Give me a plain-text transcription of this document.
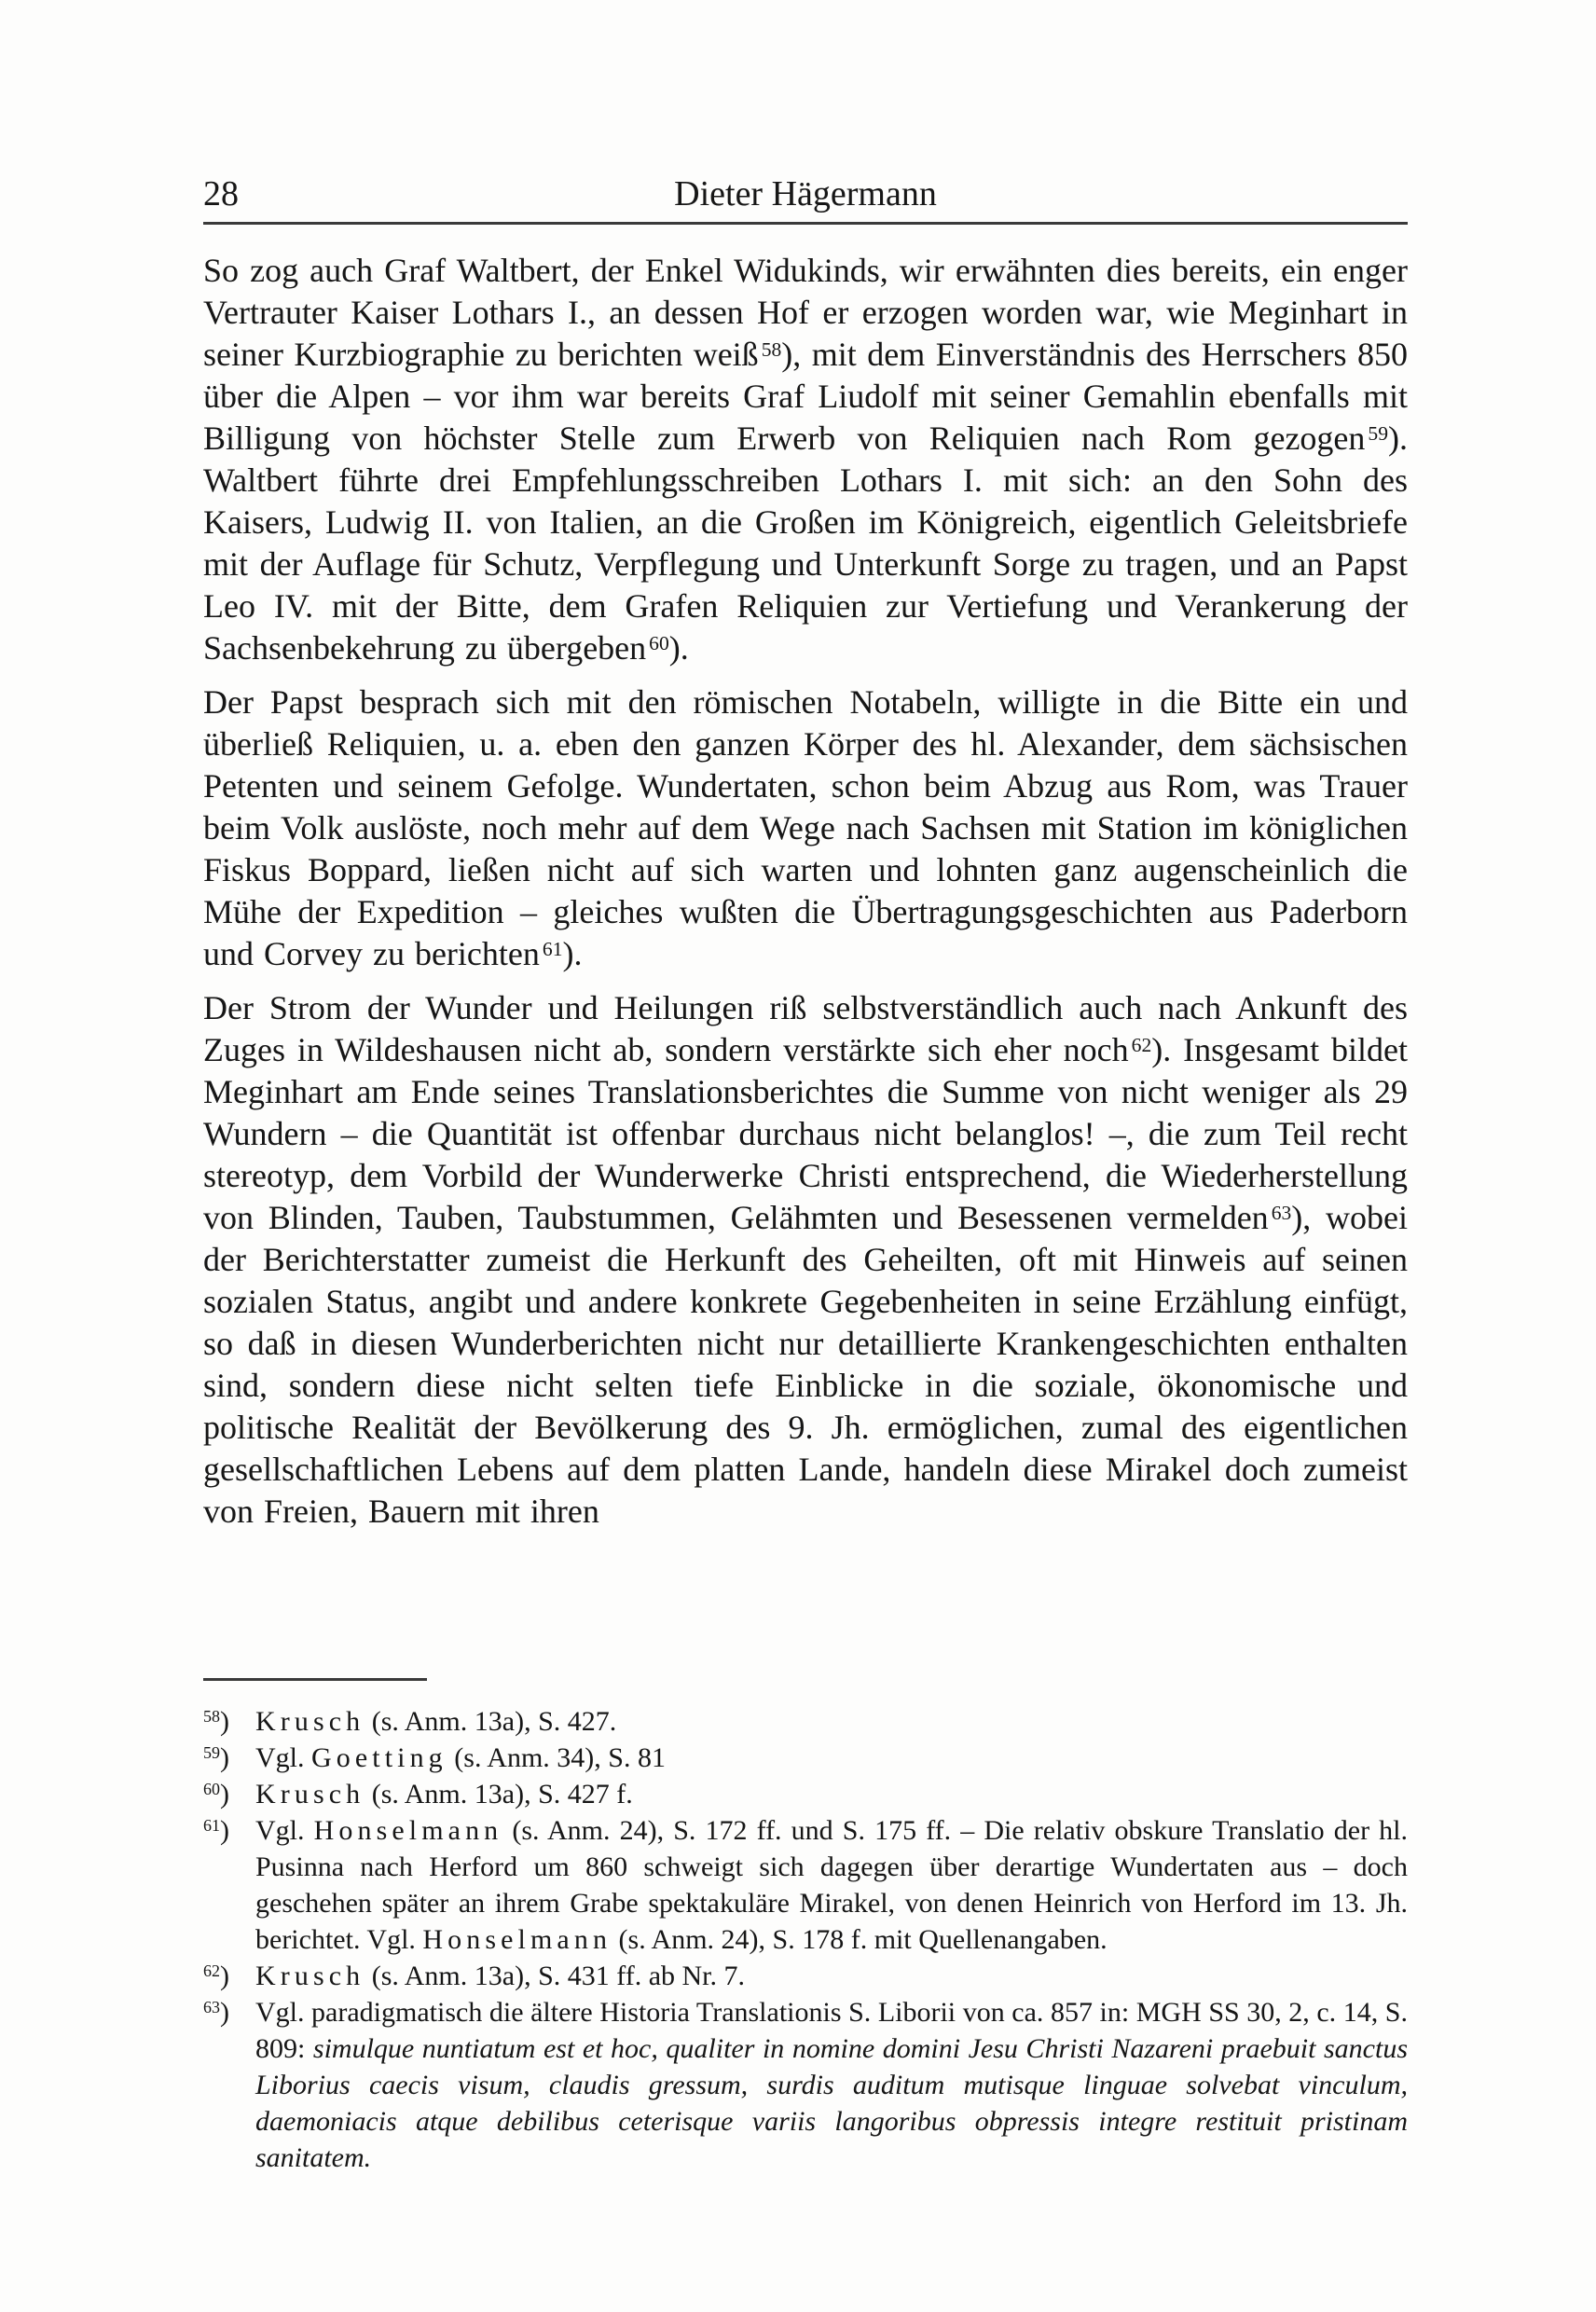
28	Dieter Hägermann

So zog auch Graf Waltbert, der Enkel Widukinds, wir erwähnten dies bereits, ein enger Vertrauter Kaiser Lothars I., an dessen Hof er erzogen worden war, wie Meginhart in seiner Kurzbiographie zu berichten weiß $^{58}$), mit dem Einverständnis des Herrschers 850 über die Alpen – vor ihm war bereits Graf Liudolf mit seiner Gemahlin ebenfalls mit Billigung von höchster Stelle zum Erwerb von Reliquien nach Rom gezogen $^{59}$). Waltbert führte drei Empfehlungsschreiben Lothars I. mit sich: an den Sohn des Kaisers, Ludwig II. von Italien, an die Großen im Königreich, eigentlich Geleitsbriefe mit der Auflage für Schutz, Verpflegung und Unterkunft Sorge zu tragen, und an Papst Leo IV. mit der Bitte, dem Grafen Reliquien zur Vertiefung und Verankerung der Sachsenbekehrung zu übergeben $^{60}$).

Der Papst besprach sich mit den römischen Notabeln, willigte in die Bitte ein und überließ Reliquien, u. a. eben den ganzen Körper des hl. Alexander, dem sächsischen Petenten und seinem Gefolge. Wundertaten, schon beim Abzug aus Rom, was Trauer beim Volk auslöste, noch mehr auf dem Wege nach Sachsen mit Station im königlichen Fiskus Boppard, ließen nicht auf sich warten und lohnten ganz augenscheinlich die Mühe der Expedition – gleiches wußten die Übertragungsgeschichten aus Paderborn und Corvey zu berichten $^{61}$).

Der Strom der Wunder und Heilungen riß selbstverständlich auch nach Ankunft des Zuges in Wildeshausen nicht ab, sondern verstärkte sich eher noch $^{62}$). Insgesamt bildet Meginhart am Ende seines Translationsberichtes die Summe von nicht weniger als 29 Wundern – die Quantität ist offenbar durchaus nicht belanglos! –, die zum Teil recht stereotyp, dem Vorbild der Wunderwerke Christi entsprechend, die Wiederherstellung von Blinden, Tauben, Taubstummen, Gelähmten und Besessenen vermelden $^{63}$), wobei der Berichterstatter zumeist die Herkunft des Geheilten, oft mit Hinweis auf seinen sozialen Status, angibt und andere konkrete Gegebenheiten in seine Erzählung einfügt, so daß in diesen Wunderberichten nicht nur detaillierte Krankengeschichten enthalten sind, sondern diese nicht selten tiefe Einblicke in die soziale, ökonomische und politische Realität der Bevölkerung des 9. Jh. ermöglichen, zumal des eigentlichen gesellschaftlichen Lebens auf dem platten Lande, handeln diese Mirakel doch zumeist von Freien, Bauern mit ihren

$^{58}$) Krusch (s. Anm. 13a), S. 427.
$^{59}$) Vgl. Goetting (s. Anm. 34), S. 81
$^{60}$) Krusch (s. Anm. 13a), S. 427 f.
$^{61}$) Vgl. Honselmann (s. Anm. 24), S. 172 ff. und S. 175 ff. – Die relativ obskure Translatio der hl. Pusinna nach Herford um 860 schweigt sich dagegen über derartige Wundertaten aus – doch geschehen später an ihrem Grabe spektakuläre Mirakel, von denen Heinrich von Herford im 13. Jh. berichtet. Vgl. Honselmann (s. Anm. 24), S. 178 f. mit Quellenangaben.
$^{62}$) Krusch (s. Anm. 13a), S. 431 ff. ab Nr. 7.
$^{63}$) Vgl. paradigmatisch die ältere Historia Translationis S. Liborii von ca. 857 in: MGH SS 30, 2, c. 14, S. 809: simulque nuntiatum est et hoc, qualiter in nomine domini Jesu Christi Nazareni praebuit sanctus Liborius caecis visum, claudis gressum, surdis auditum mutisque linguae solvebat vinculum, daemoniacis atque debilibus ceterisque variis langoribus obpressis integre restituit pristinam sanitatem.
